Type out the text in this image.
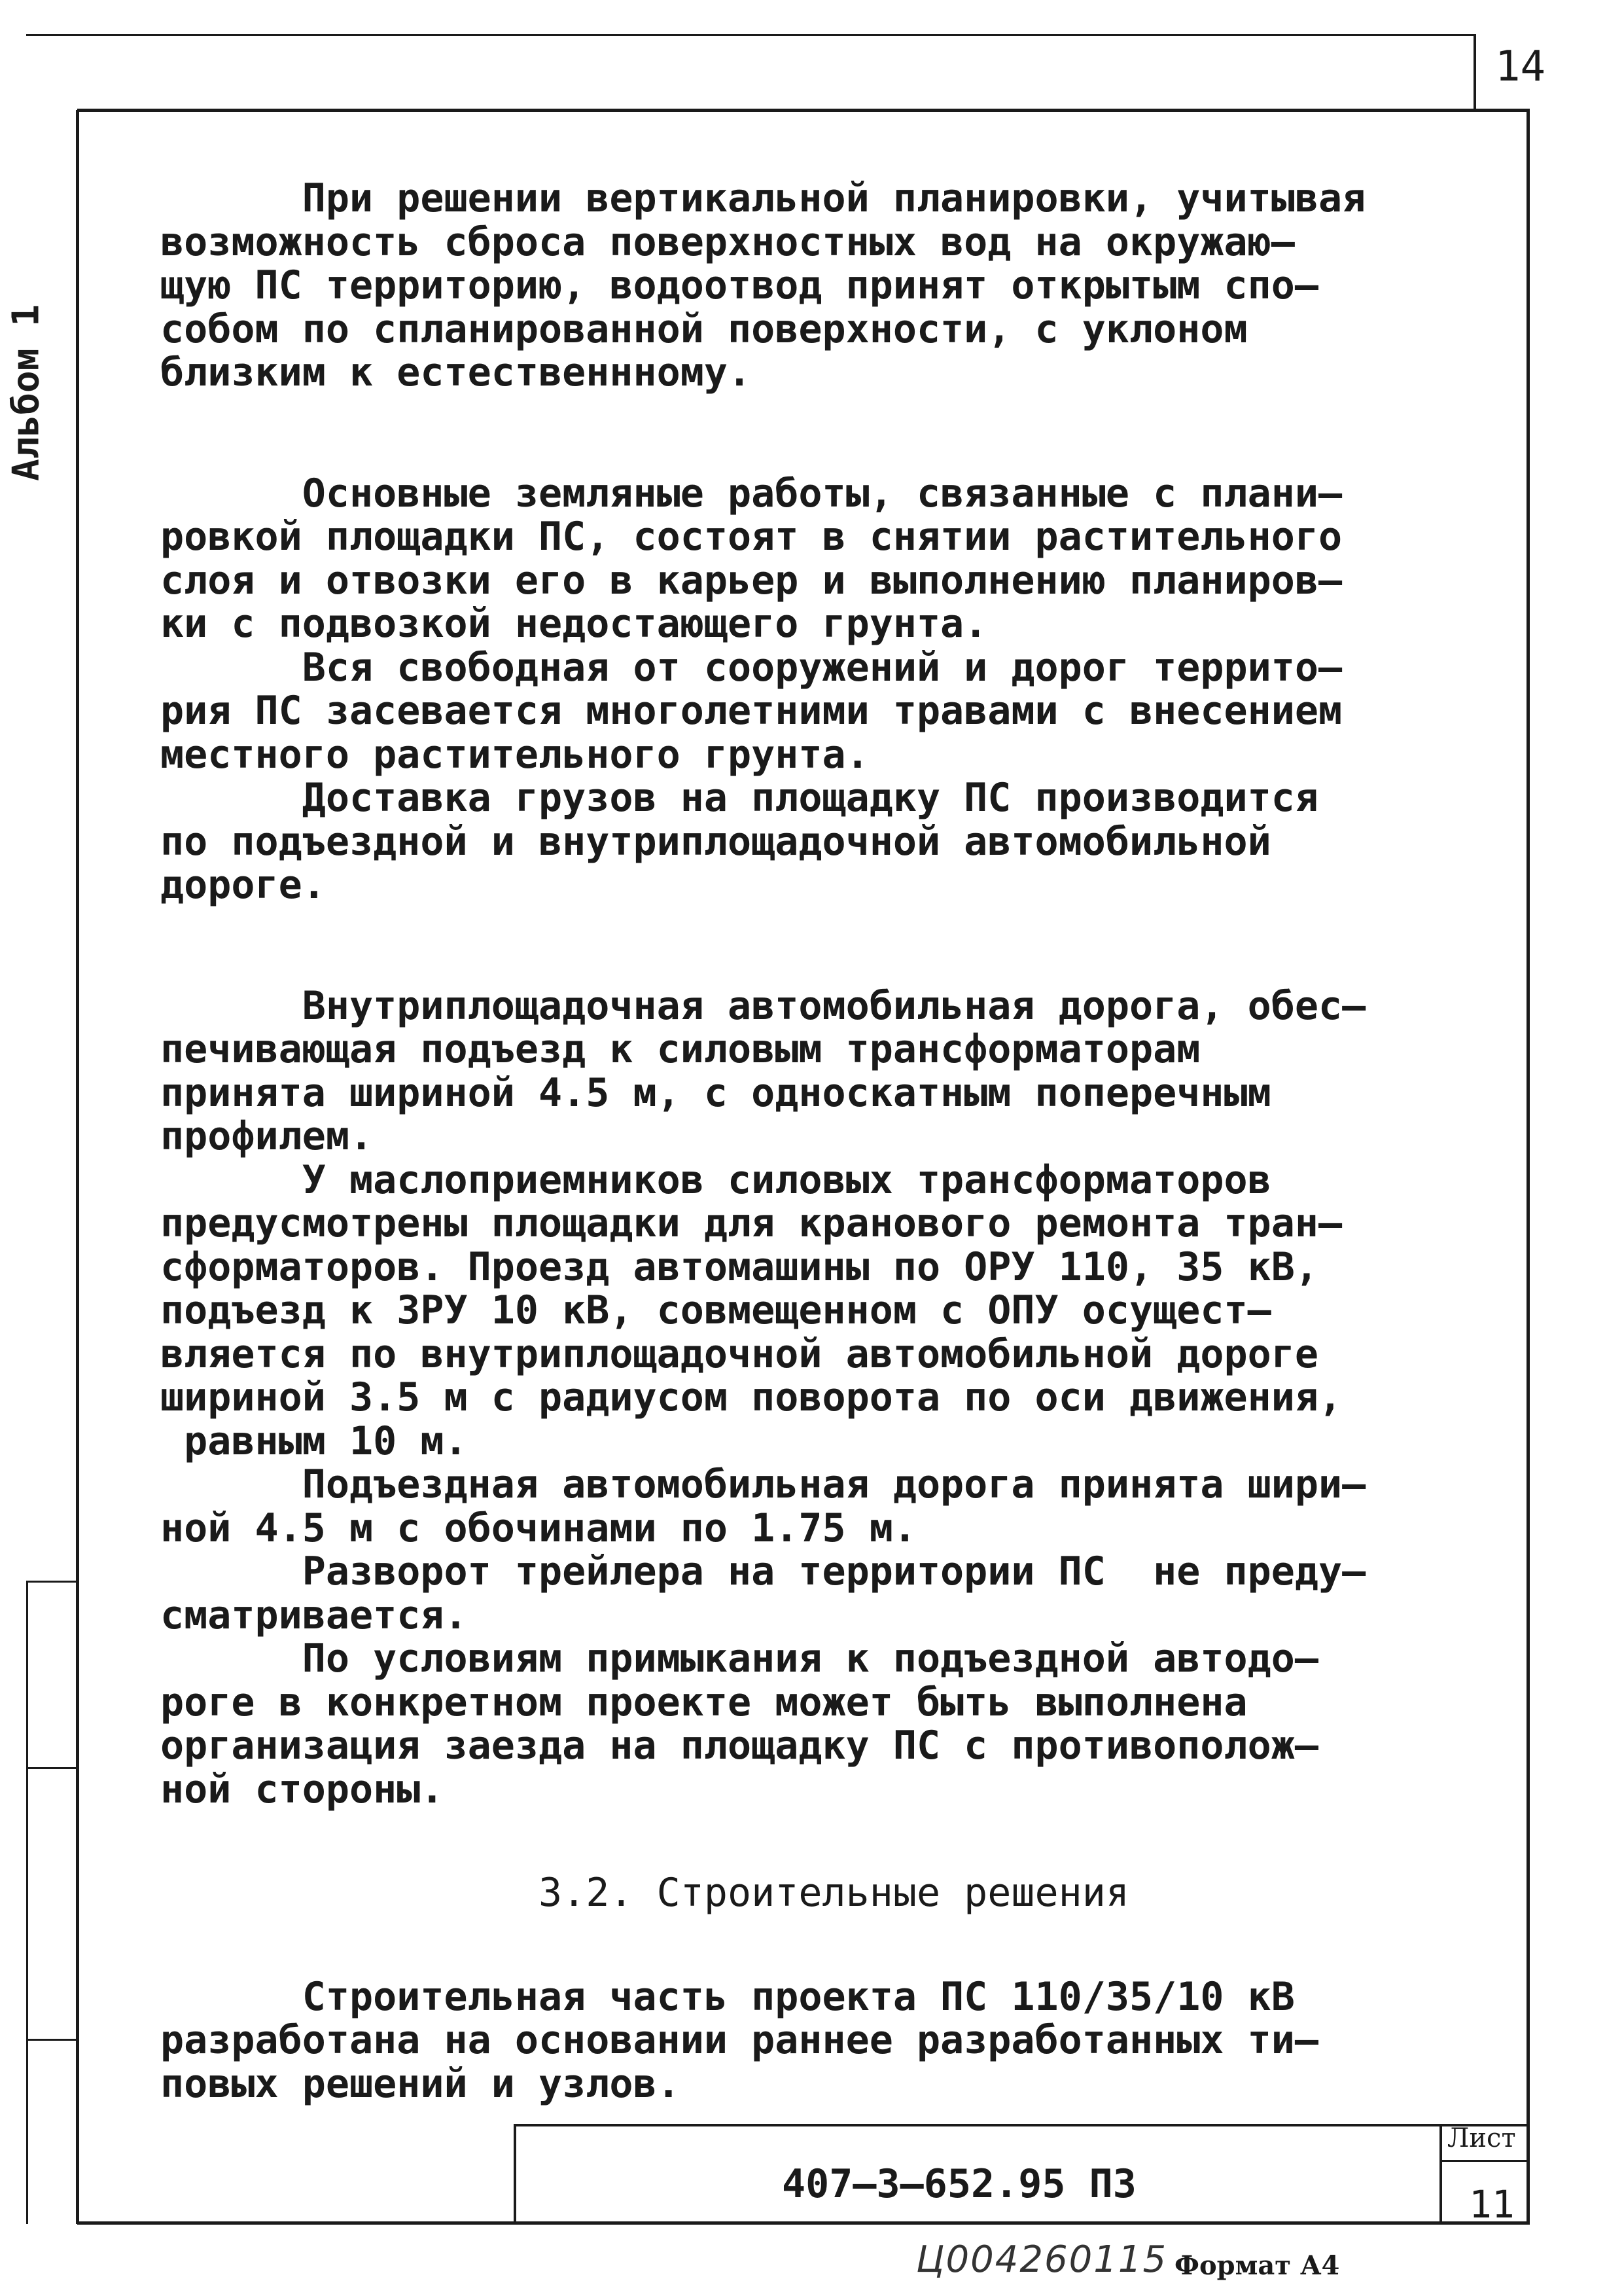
14
Альбом 1
При решении вертикальной планировки, учитывая
возможность сброса поверхностных вод на окружаю–
щую ПС территорию, водоотвод принят открытым спо–
собом по спланированной поверхности, с уклоном
близким к естественнному.
Основные земляные работы, связанные с плани–
ровкой площадки ПС, состоят в снятии растительного
слоя и отвозки его в карьер и выполнению планиров–
ки с подвозкой недостающего грунта.
Вся свободная от сооружений и дорог террито–
рия ПС засевается многолетними травами с внесением
местного растительного грунта.
Доставка грузов на площадку ПС производится
по подъездной и внутриплощадочной автомобильной
дороге.
Внутриплощадочная автомобильная дорога, обес–
печивающая подъезд к силовым трансформаторам
принята шириной 4.5 м, с односкатным поперечным
профилем.
У маслоприемников силовых трансформаторов
предусмотрены площадки для кранового ремонта тран–
сформаторов. Проезд автомашины по ОРУ 110, 35 кВ,
подъезд к ЗРУ 10 кВ, совмещенном с ОПУ осущест–
вляется по внутриплощадочной автомобильной дороге
шириной 3.5 м с радиусом поворота по оси движения,
равным 10 м.
Подъездная автомобильная дорога принята шири–
ной 4.5 м с обочинами по 1.75 м.
Разворот трейлера на территории ПС  не преду–
сматривается.
По условиям примыкания к подъездной автодо–
роге в конкретном проекте может быть выполнена
организация заезда на площадку ПС с противополож–
ной стороны.
3.2. Строительные решения
Строительная часть проекта ПС 110/35/10 кВ
разработана на основании раннее разработанных ти–
повых решений и узлов.
407–3–652.95 ПЗ
Лист
11
Ц004260115 Формат А4
